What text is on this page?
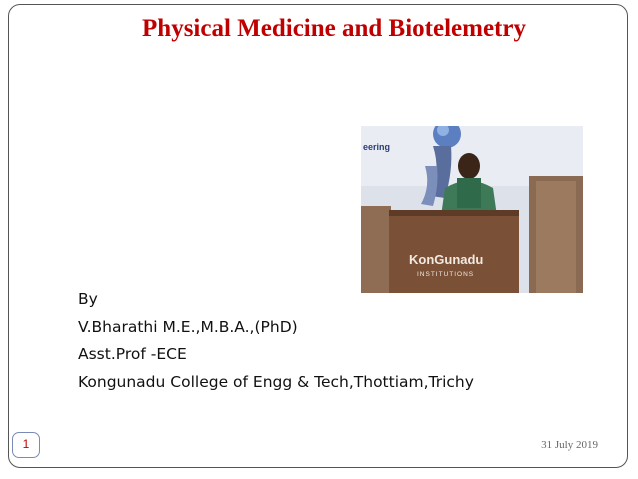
Physical Medicine and Biotelemetry
eering
KonGunadu
INSTITUTIONS
By
V.Bharathi M.E.,M.B.A.,(PhD)
Asst.Prof -ECE
Kongunadu College of Engg & Tech,Thottiam,Trichy
1	31 July 2019
